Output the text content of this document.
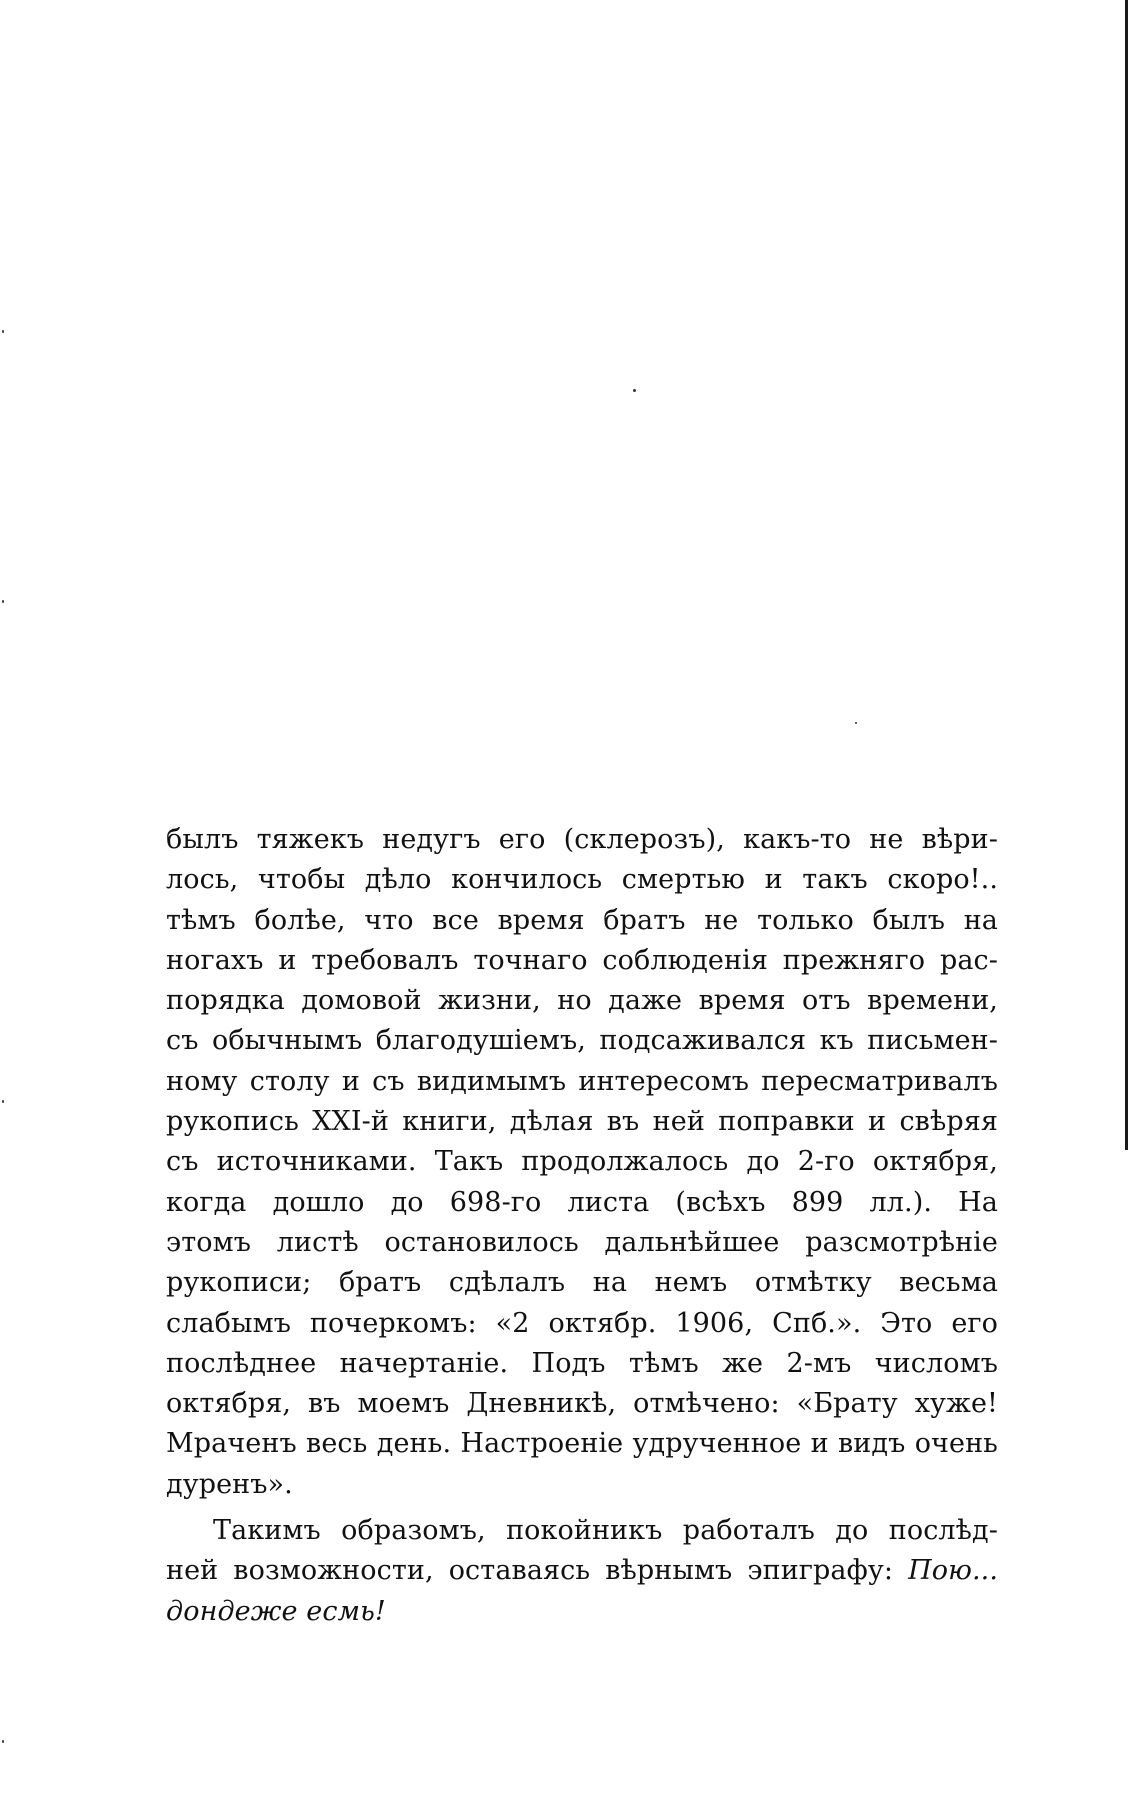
былъ тяжекъ недугъ его (склерозъ), какъ-то не вѣри-
лось, чтобы дѣло кончилось смертью и такъ скоро!..
тѣмъ болѣе, что все время братъ не только былъ на
ногахъ и требовалъ точнаго соблюденія прежняго рас-
порядка домовой жизни, но даже время отъ времени,
съ обычнымъ благодушіемъ, подсаживался къ письмен-
ному столу и съ видимымъ интересомъ пересматривалъ
рукопись XXI-й книги, дѣлая въ ней поправки и свѣряя
съ источниками. Такъ продолжалось до 2-го октября,
когда дошло до 698-го листа (всѣхъ 899 лл.). На
этомъ листѣ остановилось дальнѣйшее разсмотрѣніе
рукописи; братъ сдѣлалъ на немъ отмѣтку весьма
слабымъ почеркомъ: «2 октябр. 1906, Спб.». Это его
послѣднее начертаніе. Подъ тѣмъ же 2-мъ числомъ
октября, въ моемъ Дневникѣ, отмѣчено: «Брату хуже!
Мраченъ весь день. Настроеніе удрученное и видъ очень
дуренъ».
Такимъ образомъ, покойникъ работалъ до послѣд-
ней возможности, оставаясь вѣрнымъ эпиграфу: Пою...
дондеже есмь!
